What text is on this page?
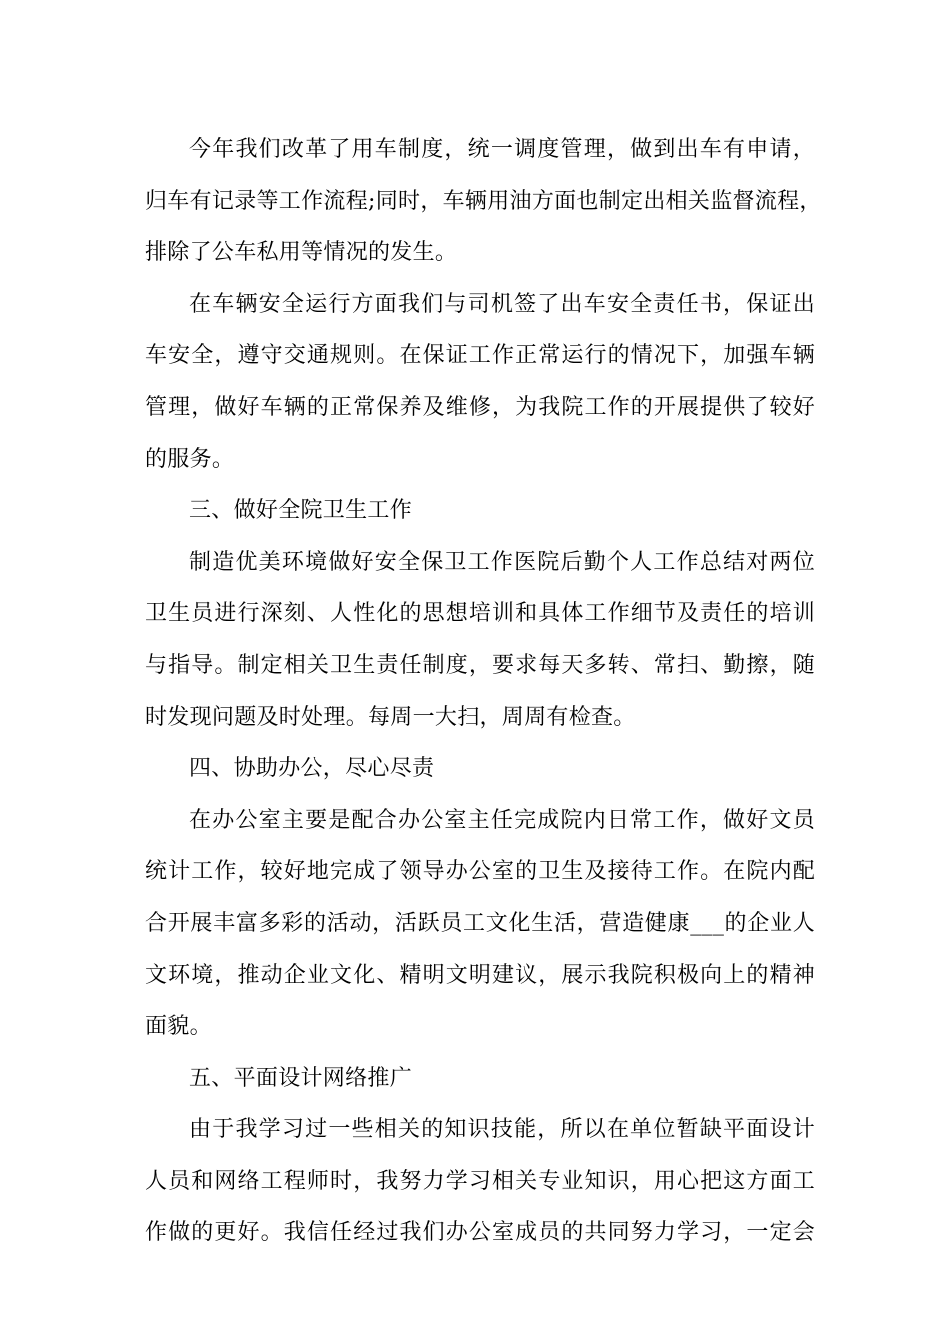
今年我们改革了用车制度，统一调度管理，做到出车有申请，
归车有记录等工作流程;同时，车辆用油方面也制定出相关监督流程，
排除了公车私用等情况的发生。
在车辆安全运行方面我们与司机签了出车安全责任书，保证出
车安全，遵守交通规则。在保证工作正常运行的情况下，加强车辆
管理，做好车辆的正常保养及维修，为我院工作的开展提供了较好
的服务。
三、做好全院卫生工作
制造优美环境做好安全保卫工作医院后勤个人工作总结对两位
卫生员进行深刻、人性化的思想培训和具体工作细节及责任的培训
与指导。制定相关卫生责任制度，要求每天多转、常扫、勤擦，随
时发现问题及时处理。每周一大扫，周周有检查。
四、协助办公，尽心尽责
在办公室主要是配合办公室主任完成院内日常工作，做好文员
统计工作，较好地完成了领导办公室的卫生及接待工作。在院内配
合开展丰富多彩的活动，活跃员工文化生活，营造健康___的企业人
文环境，推动企业文化、精明文明建议，展示我院积极向上的精神
面貌。
五、平面设计网络推广
由于我学习过一些相关的知识技能，所以在单位暂缺平面设计
人员和网络工程师时，我努力学习相关专业知识，用心把这方面工
作做的更好。我信任经过我们办公室成员的共同努力学习，一定会
